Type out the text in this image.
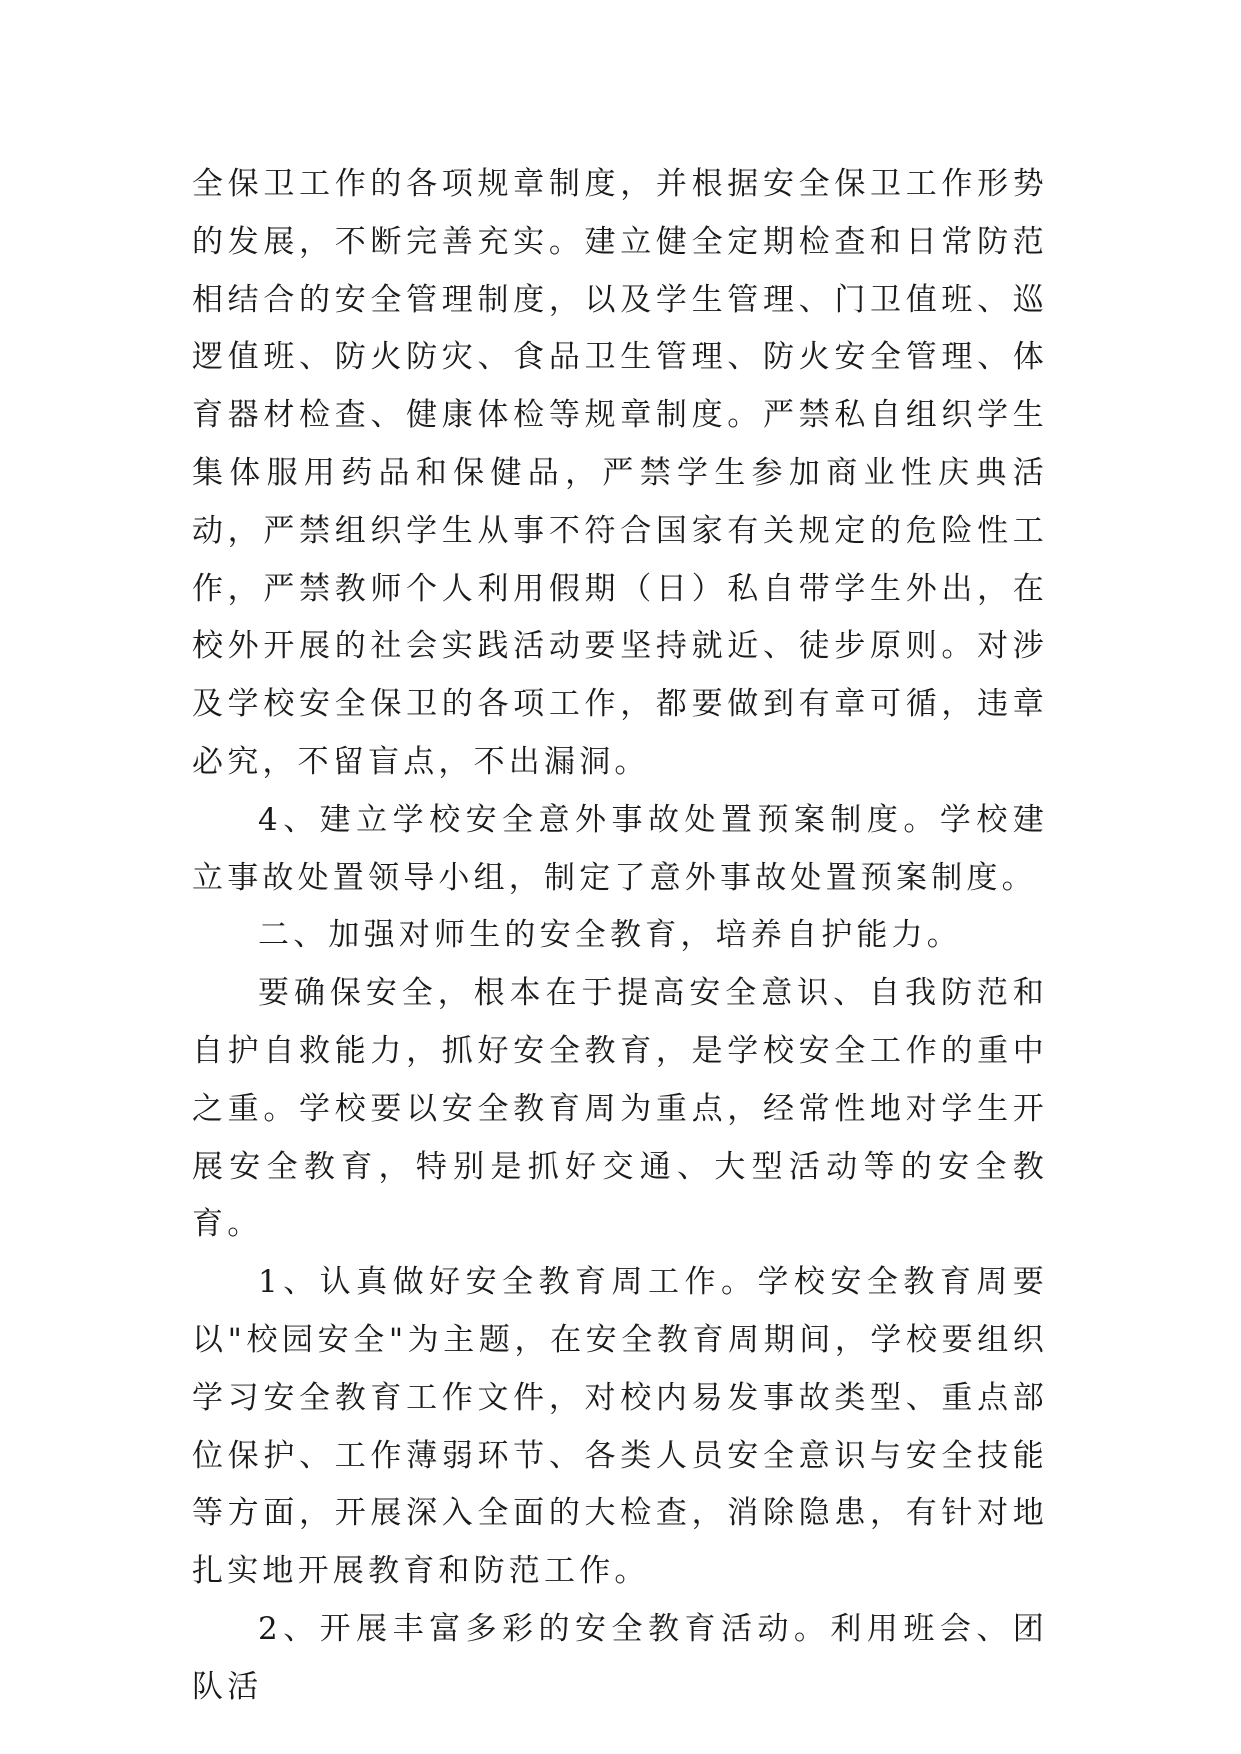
全保卫工作的各项规章制度，并根据安全保卫工作形势的发展，不断完善充实。建立健全定期检查和日常防范相结合的安全管理制度，以及学生管理、门卫值班、巡逻值班、防火防灾、食品卫生管理、防火安全管理、体育器材检查、健康体检等规章制度。严禁私自组织学生集体服用药品和保健品，严禁学生参加商业性庆典活动，严禁组织学生从事不符合国家有关规定的危险性工作，严禁教师个人利用假期（日）私自带学生外出，在校外开展的社会实践活动要坚持就近、徒步原则。对涉及学校安全保卫的各项工作，都要做到有章可循，违章必究，不留盲点，不出漏洞。

4、建立学校安全意外事故处置预案制度。学校建立事故处置领导小组，制定了意外事故处置预案制度。

二、加强对师生的安全教育，培养自护能力。

要确保安全，根本在于提高安全意识、自我防范和自护自救能力，抓好安全教育，是学校安全工作的重中之重。学校要以安全教育周为重点，经常性地对学生开展安全教育，特别是抓好交通、大型活动等的安全教育。

1、认真做好安全教育周工作。学校安全教育周要以"校园安全"为主题，在安全教育周期间，学校要组织学习安全教育工作文件，对校内易发事故类型、重点部位保护、工作薄弱环节、各类人员安全意识与安全技能等方面，开展深入全面的大检查，消除隐患，有针对地扎实地开展教育和防范工作。

2、开展丰富多彩的安全教育活动。利用班会、团队活
